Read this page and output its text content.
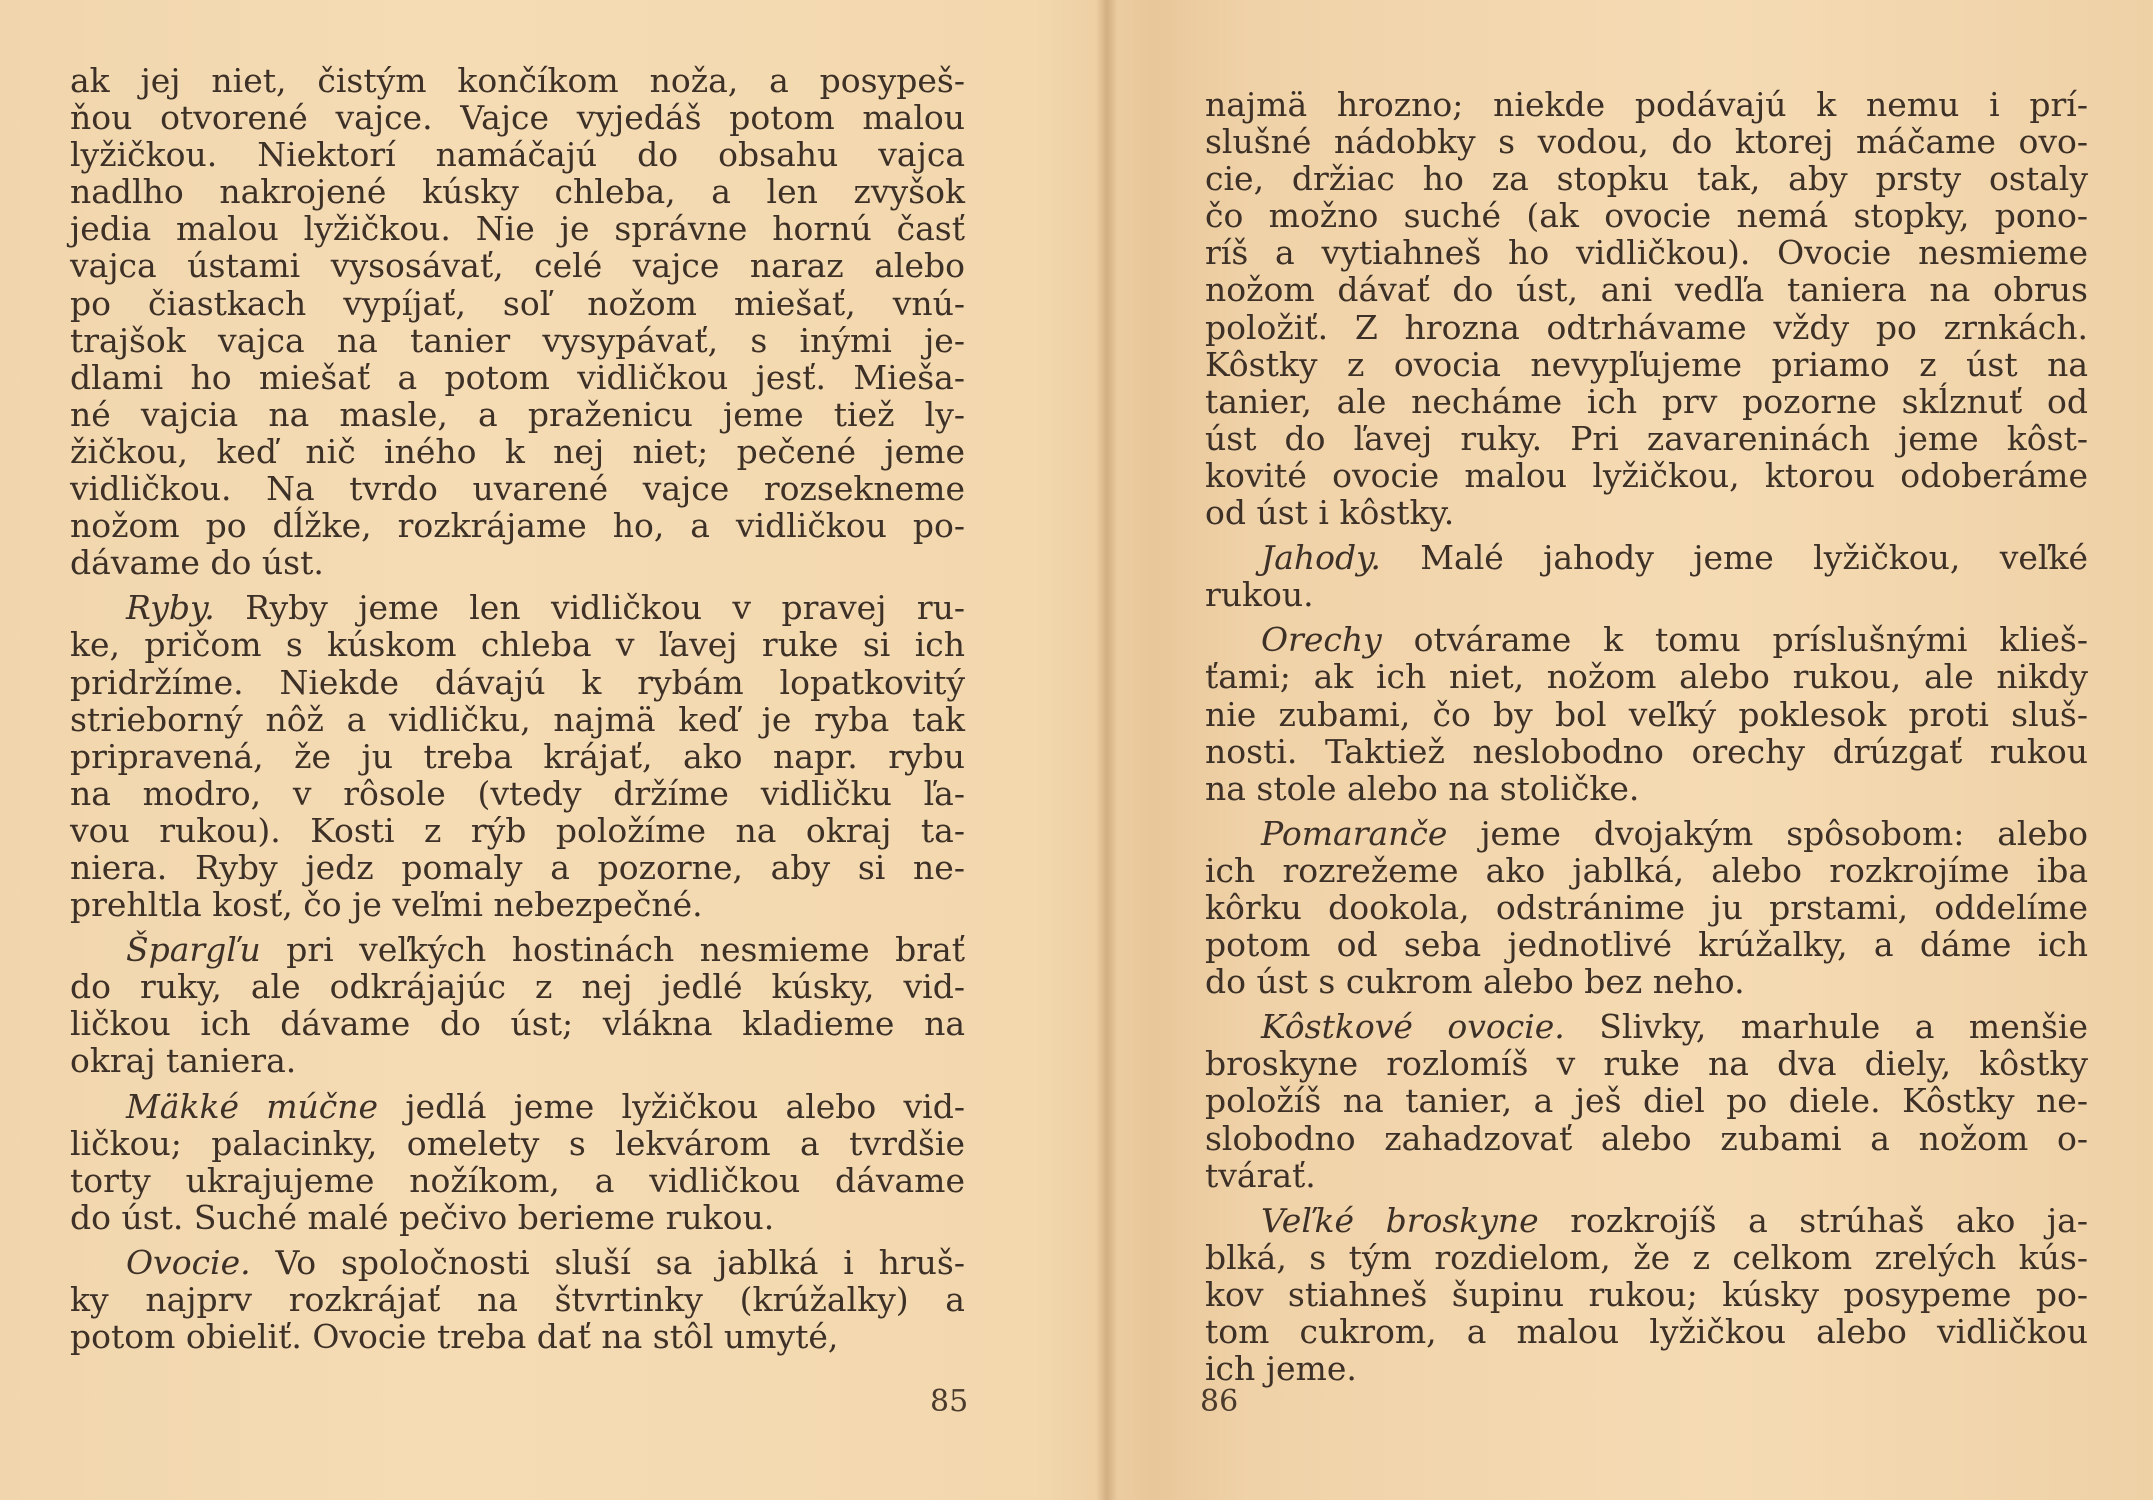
ak jej niet, čistým končíkom noža, a posypeš-
ňou otvorené vajce. Vajce vyjedáš potom malou
lyžičkou. Niektorí namáčajú do obsahu vajca
nadlho nakrojené kúsky chleba, a len zvyšok
jedia malou lyžičkou. Nie je správne hornú časť
vajca ústami vysosávať, celé vajce naraz alebo
po čiastkach vypíjať, soľ nožom miešať, vnú-
trajšok vajca na tanier vysypávať, s inými je-
dlami ho miešať a potom vidličkou jesť. Mieša-
né vajcia na masle, a praženicu jeme tiež ly-
žičkou, keď nič iného k nej niet; pečené jeme
vidličkou. Na tvrdo uvarené vajce rozsekneme
nožom po dĺžke, rozkrájame ho, a vidličkou po-
dávame do úst.
Ryby. Ryby jeme len vidličkou v pravej ru-
ke, pričom s kúskom chleba v ľavej ruke si ich
pridržíme. Niekde dávajú k rybám lopatkovitý
strieborný nôž a vidličku, najmä keď je ryba tak
pripravená, že ju treba krájať, ako napr. rybu
na modro, v rôsole (vtedy držíme vidličku ľa-
vou rukou). Kosti z rýb položíme na okraj ta-
niera. Ryby jedz pomaly a pozorne, aby si ne-
prehltla kosť, čo je veľmi nebezpečné.
Špargľu pri veľkých hostinách nesmieme brať
do ruky, ale odkrájajúc z nej jedlé kúsky, vid-
ličkou ich dávame do úst; vlákna kladieme na
okraj taniera.
Mäkké múčne jedlá jeme lyžičkou alebo vid-
ličkou; palacinky, omelety s lekvárom a tvrdšie
torty ukrajujeme nožíkom, a vidličkou dávame
do úst. Suché malé pečivo berieme rukou.
Ovocie. Vo spoločnosti sluší sa jablká i hruš-
ky najprv rozkrájať na štvrtinky (krúžalky) a
potom obieliť. Ovocie treba dať na stôl umyté,
najmä hrozno; niekde podávajú k nemu i prí-
slušné nádobky s vodou, do ktorej máčame ovo-
cie, držiac ho za stopku tak, aby prsty ostaly
čo možno suché (ak ovocie nemá stopky, pono-
ríš a vytiahneš ho vidličkou). Ovocie nesmieme
nožom dávať do úst, ani vedľa taniera na obrus
položiť. Z hrozna odtrhávame vždy po zrnkách.
Kôstky z ovocia nevypľujeme priamo z úst na
tanier, ale necháme ich prv pozorne skĺznuť od
úst do ľavej ruky. Pri zavareninách jeme kôst-
kovité ovocie malou lyžičkou, ktorou odoberáme
od úst i kôstky.
Jahody. Malé jahody jeme lyžičkou, veľké
rukou.
Orechy otvárame k tomu príslušnými klieš-
ťami; ak ich niet, nožom alebo rukou, ale nikdy
nie zubami, čo by bol veľký poklesok proti sluš-
nosti. Taktiež neslobodno orechy drúzgať rukou
na stole alebo na stoličke.
Pomaranče jeme dvojakým spôsobom: alebo
ich rozrežeme ako jablká, alebo rozkrojíme iba
kôrku dookola, odstránime ju prstami, oddelíme
potom od seba jednotlivé krúžalky, a dáme ich
do úst s cukrom alebo bez neho.
Kôstkové ovocie. Slivky, marhule a menšie
broskyne rozlomíš v ruke na dva diely, kôstky
položíš na tanier, a ješ diel po diele. Kôstky ne-
slobodno zahadzovať alebo zubami a nožom o-
tvárať.
Veľké broskyne rozkrojíš a strúhaš ako ja-
blká, s tým rozdielom, že z celkom zrelých kús-
kov stiahneš šupinu rukou; kúsky posypeme po-
tom cukrom, a malou lyžičkou alebo vidličkou
ich jeme.
85	86
